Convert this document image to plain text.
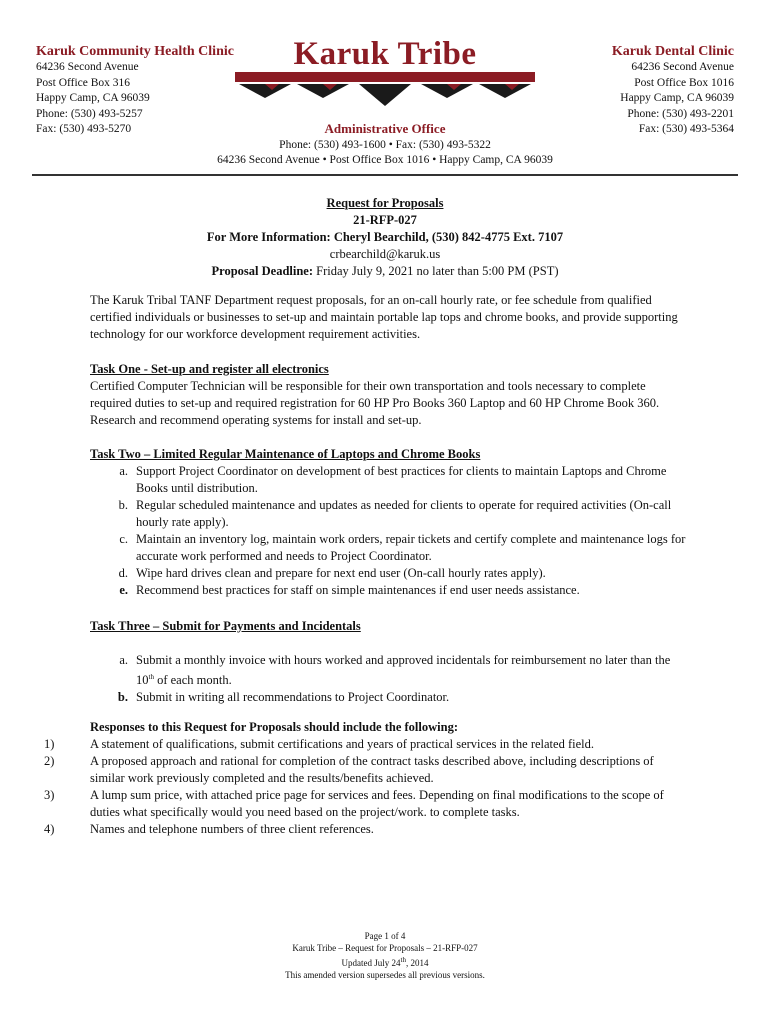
Karuk Community Health Clinic
64236 Second Avenue
Post Office Box 316
Happy Camp, CA 96039
Phone: (530) 493-5257
Fax: (530) 493-5270
Karuk Tribe
Administrative Office
Phone: (530) 493-1600 • Fax: (530) 493-5322
64236 Second Avenue • Post Office Box 1016 • Happy Camp, CA 96039
Karuk Dental Clinic
64236 Second Avenue
Post Office Box 1016
Happy Camp, CA 96039
Phone: (530) 493-2201
Fax: (530) 493-5364
Request for Proposals
21-RFP-027
For More Information: Cheryl Bearchild, (530) 842-4775 Ext. 7107
crbearchild@karuk.us
Proposal Deadline: Friday July 9, 2021 no later than 5:00 PM (PST)
The Karuk Tribal TANF Department request proposals, for an on-call hourly rate, or fee schedule from qualified certified individuals or businesses to set-up and maintain portable lap tops and chrome books, and provide supporting technology for our workforce development requirement activities.
Task One - Set-up and register all electronics
Certified Computer Technician will be responsible for their own transportation and tools necessary to complete required duties to set-up and required registration for 60 HP Pro Books 360 Laptop and 60 HP Chrome Book 360. Research and recommend operating systems for install and set-up.
Task Two – Limited Regular Maintenance of Laptops and Chrome Books
a. Support Project Coordinator on development of best practices for clients to maintain Laptops and Chrome Books until distribution.
b. Regular scheduled maintenance and updates as needed for clients to operate for required activities (On-call hourly rate apply).
c. Maintain an inventory log, maintain work orders, repair tickets and certify complete and maintenance logs for accurate work performed and needs to Project Coordinator.
d. Wipe hard drives clean and prepare for next end user (On-call hourly rates apply).
e. Recommend best practices for staff on simple maintenances if end user needs assistance.
Task Three – Submit for Payments and Incidentals
a. Submit a monthly invoice with hours worked and approved incidentals for reimbursement no later than the 10th of each month.
b. Submit in writing all recommendations to Project Coordinator.
Responses to this Request for Proposals should include the following:
1)	A statement of qualifications, submit certifications and years of practical services in the related field.
2)	A proposed approach and rational for completion of the contract tasks described above, including descriptions of similar work previously completed and the results/benefits achieved.
3)	A lump sum price, with attached price page for services and fees. Depending on final modifications to the scope of duties what specifically would you need based on the project/work. to complete tasks.
4)	Names and telephone numbers of three client references.
Page 1 of 4
Karuk Tribe – Request for Proposals – 21-RFP-027
Updated July 24th, 2014
This amended version supersedes all previous versions.
